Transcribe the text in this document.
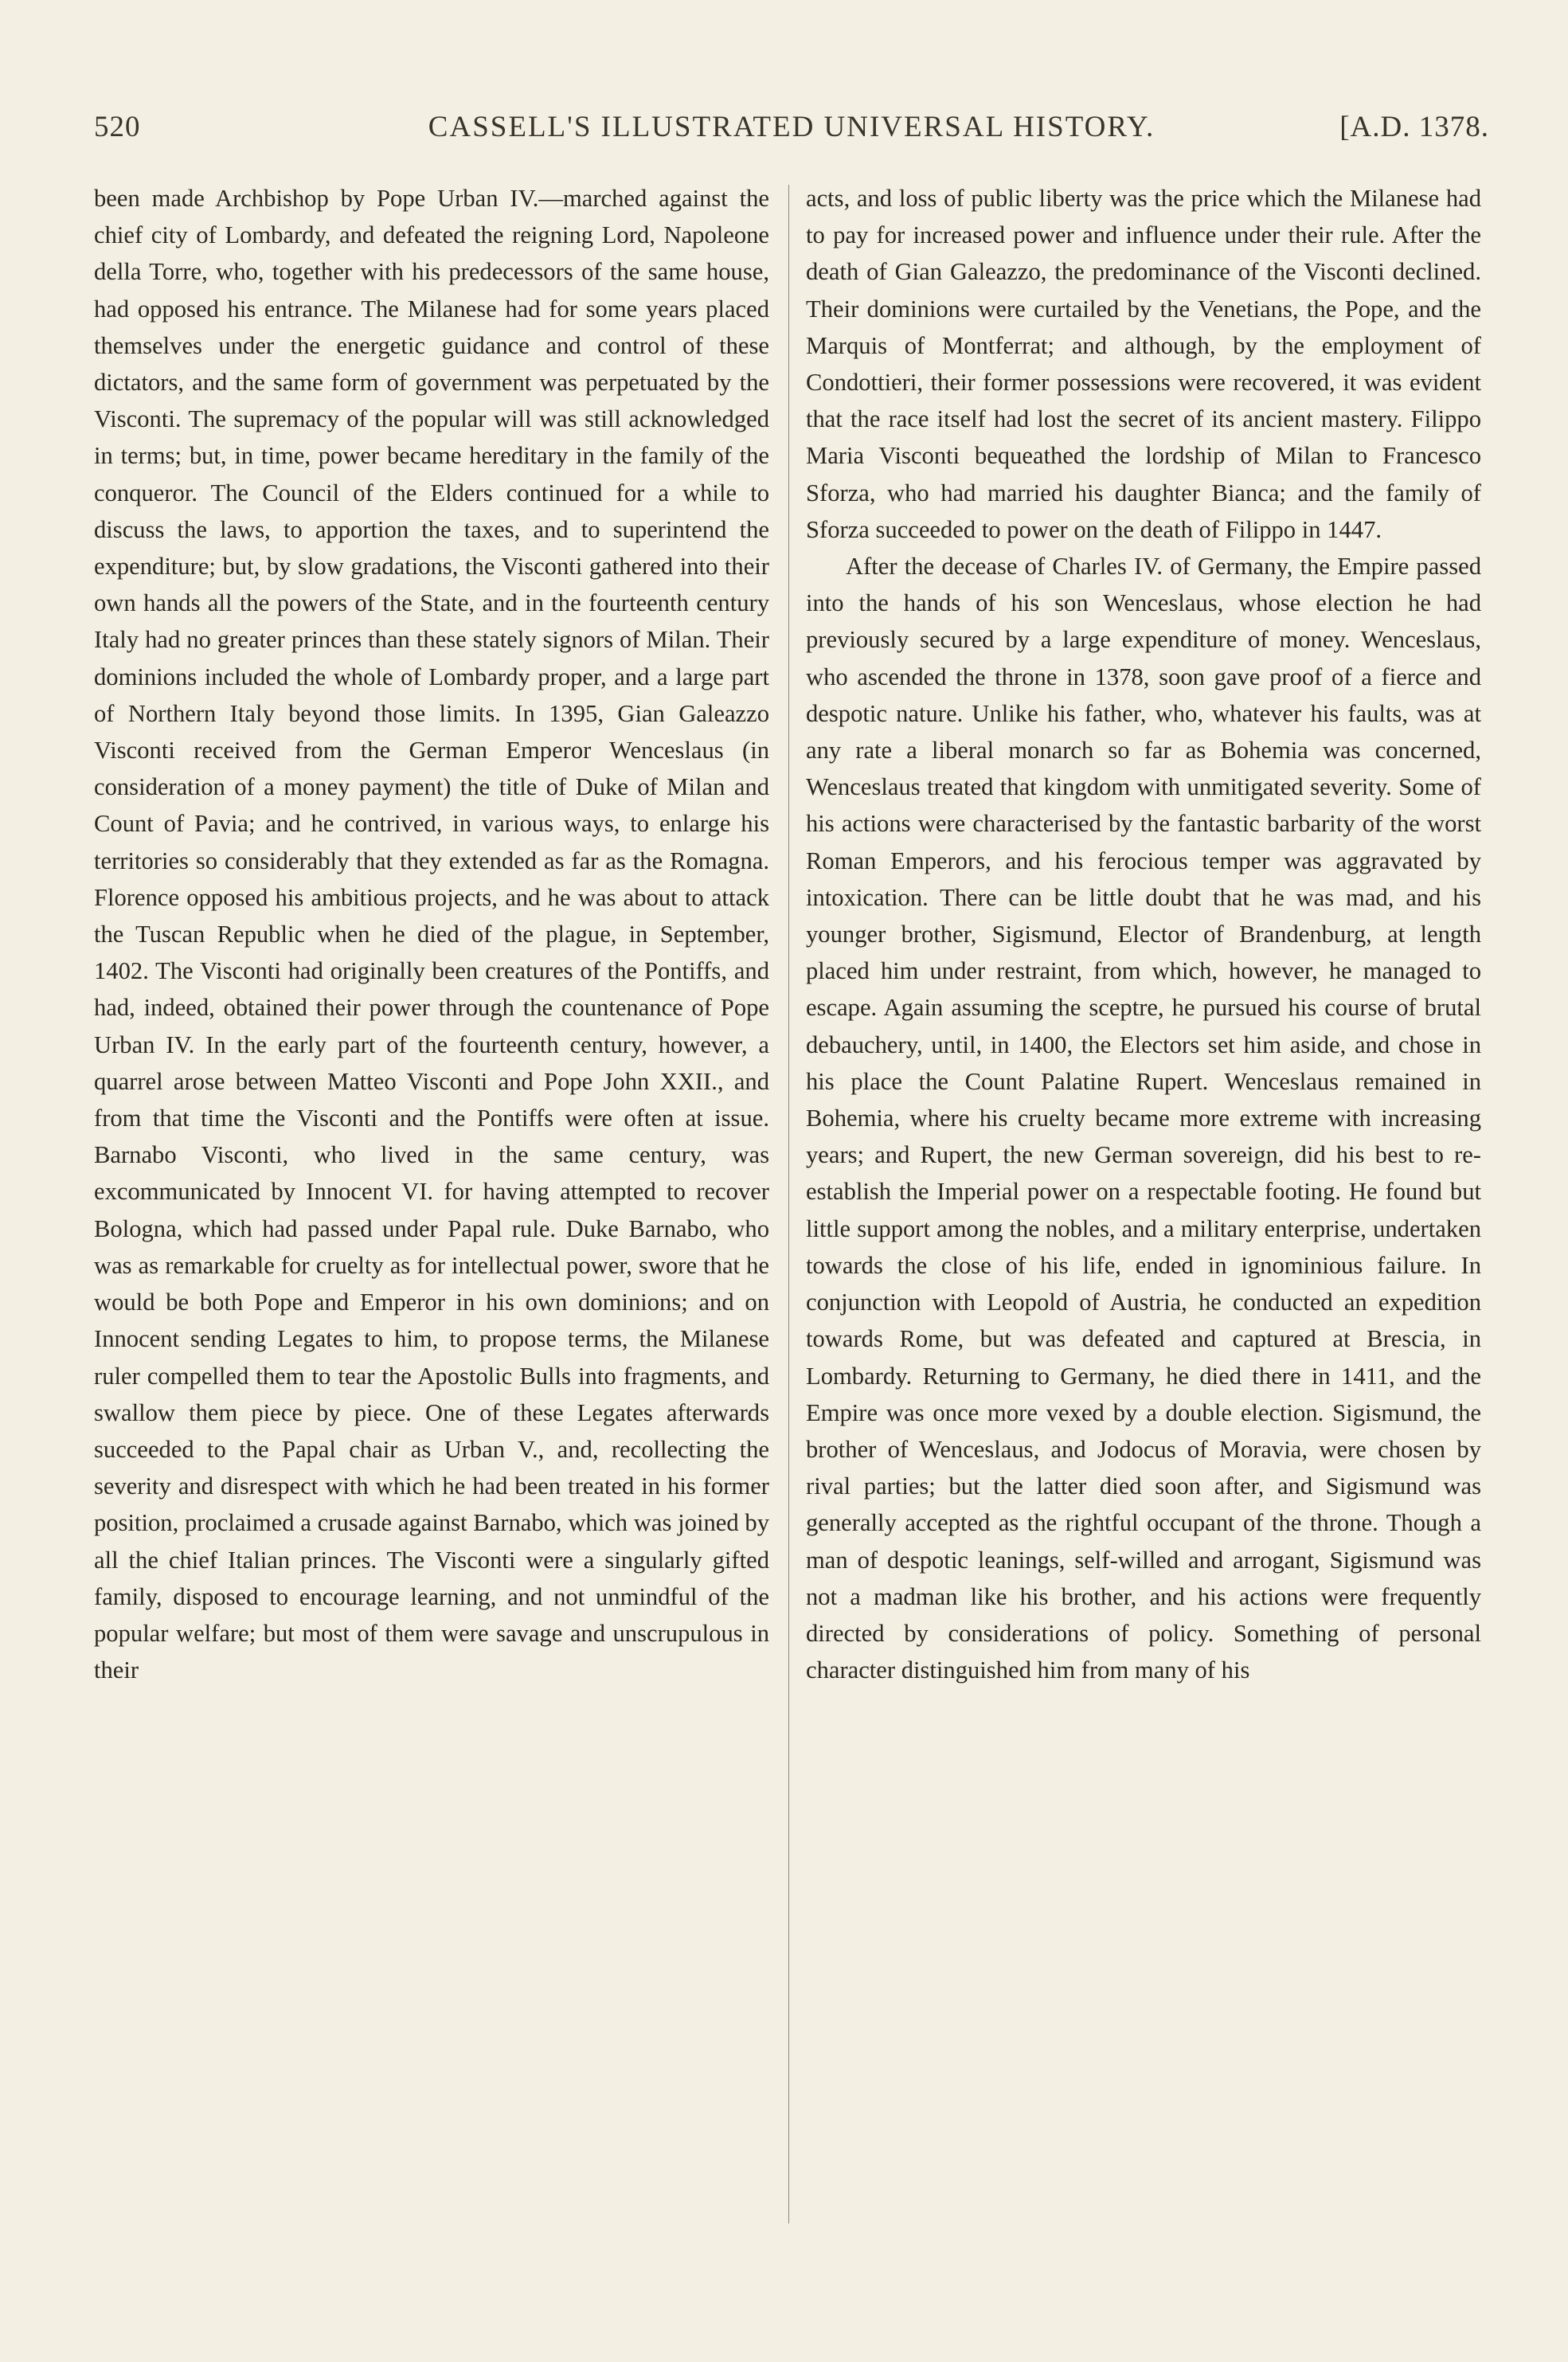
520	CASSELL'S ILLUSTRATED UNIVERSAL HISTORY.	[A.D. 1378.

been made Archbishop by Pope Urban IV.—marched against the chief city of Lombardy, and defeated the reigning Lord, Napoleone della Torre, who, together with his predecessors of the same house, had opposed his entrance. The Milanese had for some years placed themselves under the energetic guidance and control of these dictators, and the same form of government was perpetuated by the Visconti. The supremacy of the popular will was still acknowledged in terms; but, in time, power became hereditary in the family of the conqueror. The Council of the Elders continued for a while to discuss the laws, to apportion the taxes, and to superintend the expenditure; but, by slow gradations, the Visconti gathered into their own hands all the powers of the State, and in the fourteenth century Italy had no greater princes than these stately signors of Milan. Their dominions included the whole of Lombardy proper, and a large part of Northern Italy beyond those limits. In 1395, Gian Galeazzo Visconti received from the German Emperor Wenceslaus (in consideration of a money payment) the title of Duke of Milan and Count of Pavia; and he contrived, in various ways, to enlarge his territories so considerably that they extended as far as the Romagna. Florence opposed his ambitious projects, and he was about to attack the Tuscan Republic when he died of the plague, in September, 1402. The Visconti had originally been creatures of the Pontiffs, and had, indeed, obtained their power through the countenance of Pope Urban IV. In the early part of the fourteenth century, however, a quarrel arose between Matteo Visconti and Pope John XXII., and from that time the Visconti and the Pontiffs were often at issue. Barnabo Visconti, who lived in the same century, was excommunicated by Innocent VI. for having attempted to recover Bologna, which had passed under Papal rule. Duke Barnabo, who was as remarkable for cruelty as for intellectual power, swore that he would be both Pope and Emperor in his own dominions; and on Innocent sending Legates to him, to propose terms, the Milanese ruler compelled them to tear the Apostolic Bulls into fragments, and swallow them piece by piece. One of these Legates afterwards succeeded to the Papal chair as Urban V., and, recollecting the severity and disrespect with which he had been treated in his former position, proclaimed a crusade against Barnabo, which was joined by all the chief Italian princes. The Visconti were a singularly gifted family, disposed to encourage learning, and not unmindful of the popular welfare; but most of them were savage and unscrupulous in their

acts, and loss of public liberty was the price which the Milanese had to pay for increased power and influence under their rule. After the death of Gian Galeazzo, the predominance of the Visconti declined. Their dominions were curtailed by the Venetians, the Pope, and the Marquis of Montferrat; and although, by the employment of Condottieri, their former possessions were recovered, it was evident that the race itself had lost the secret of its ancient mastery. Filippo Maria Visconti bequeathed the lordship of Milan to Francesco Sforza, who had married his daughter Bianca; and the family of Sforza succeeded to power on the death of Filippo in 1447.

After the decease of Charles IV. of Germany, the Empire passed into the hands of his son Wenceslaus, whose election he had previously secured by a large expenditure of money. Wenceslaus, who ascended the throne in 1378, soon gave proof of a fierce and despotic nature. Unlike his father, who, whatever his faults, was at any rate a liberal monarch so far as Bohemia was concerned, Wenceslaus treated that kingdom with unmitigated severity. Some of his actions were characterised by the fantastic barbarity of the worst Roman Emperors, and his ferocious temper was aggravated by intoxication. There can be little doubt that he was mad, and his younger brother, Sigismund, Elector of Brandenburg, at length placed him under restraint, from which, however, he managed to escape. Again assuming the sceptre, he pursued his course of brutal debauchery, until, in 1400, the Electors set him aside, and chose in his place the Count Palatine Rupert. Wenceslaus remained in Bohemia, where his cruelty became more extreme with increasing years; and Rupert, the new German sovereign, did his best to re-establish the Imperial power on a respectable footing. He found but little support among the nobles, and a military enterprise, undertaken towards the close of his life, ended in ignominious failure. In conjunction with Leopold of Austria, he conducted an expedition towards Rome, but was defeated and captured at Brescia, in Lombardy. Returning to Germany, he died there in 1411, and the Empire was once more vexed by a double election. Sigismund, the brother of Wenceslaus, and Jodocus of Moravia, were chosen by rival parties; but the latter died soon after, and Sigismund was generally accepted as the rightful occupant of the throne. Though a man of despotic leanings, self-willed and arrogant, Sigismund was not a madman like his brother, and his actions were frequently directed by considerations of policy. Something of personal character distinguished him from many of his
